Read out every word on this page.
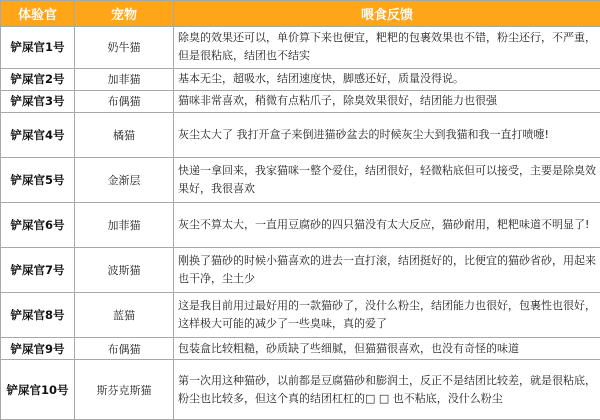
体验官	宠物	喂食反馈
铲屎官1号	奶牛猫	除臭的效果还可以，单价算下来也便宜，粑粑的包裹效果也不错，粉尘还行，不严重，但是很粘底，结团也不结实
铲屎官2号	加菲猫	基本无尘，超吸水，结团速度快，脚感还好，质量没得说。
铲屎官3号	布偶猫	猫咪非常喜欢，稍微有点粘爪子，除臭效果很好，结团能力也很强
铲屎官4号	橘猫	灰尘太大了 我打开盒子来倒进猫砂盆去的时候灰尘大到我猫和我一直打喷嚏!
铲屎官5号	金渐层	快递一拿回来，我家猫咪一整个爱住，结团很好，轻微粘底但可以接受，主要是除臭效果好，我很喜欢
铲屎官6号	加菲猫	灰尘不算太大，一直用豆腐砂的四只猫没有太大反应，猫砂耐用，粑粑味道不明显了!
铲屎官7号	波斯猫	刚换了猫砂的时候小猫喜欢的进去一直打滚，结团挺好的，比便宜的猫砂省砂，用起来也干净，尘土少
铲屎官8号	蓝猫	这是我目前用过最好用的一款猫砂了，没什么粉尘，结团能力也很好，包裹性也很好，这样极大可能的减少了一些臭味，真的爱了
铲屎官9号	布偶猫	包装盒比较粗糙，砂质缺了些细腻，但猫猫很喜欢，也没有奇怪的味道
铲屎官10号	斯芬克斯猫	第一次用这种猫砂，以前都是豆腐猫砂和膨润土，反正不是结团比较差，就是很粘底，粉尘也比较多，但这个真的结团杠杠的□ □ 也不粘底，没什么粉尘
